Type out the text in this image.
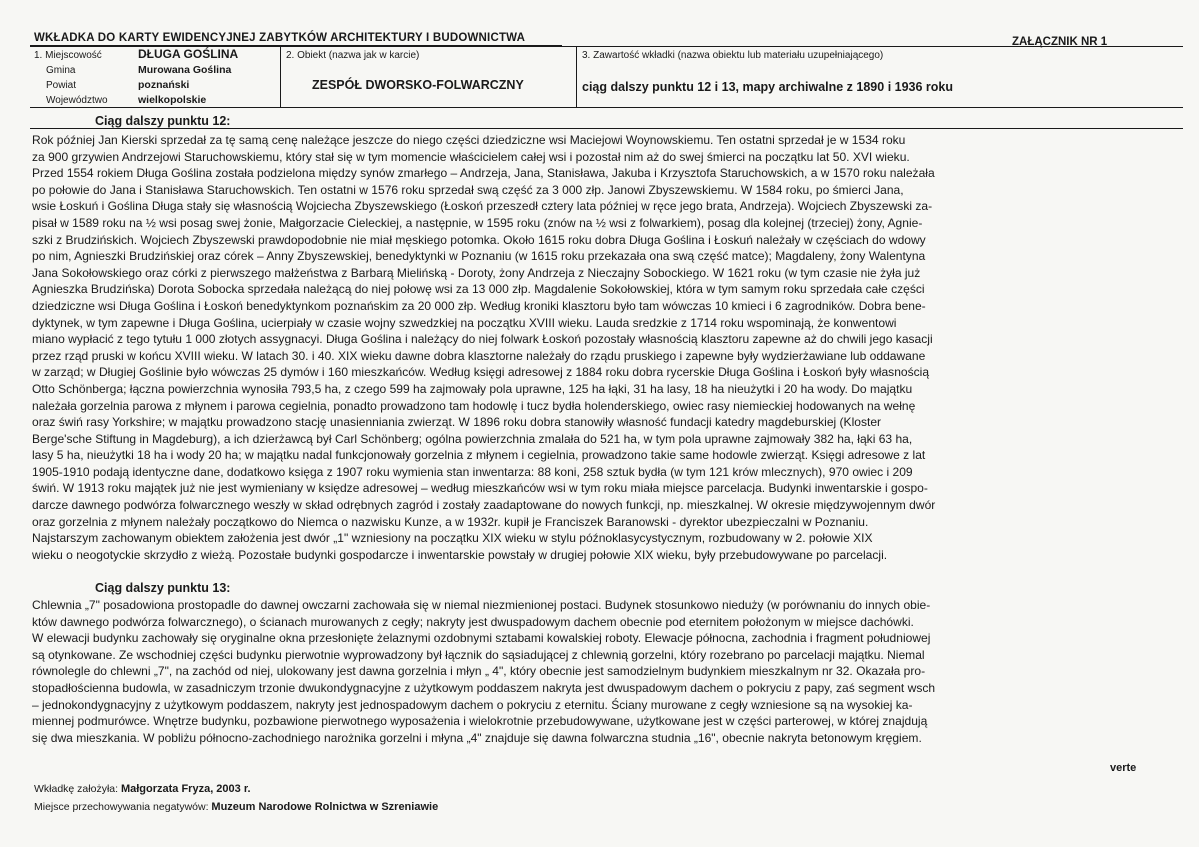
WKŁADKA DO KARTY EWIDENCYJNEJ ZABYTKÓW ARCHITEKTURY I BUDOWNICTWA	ZAŁĄCZNIK NR 1
1. Miejscowość	DŁUGA GOŚLINA
Gmina	Murowana Goślina
Powiat	poznański
Województwo	wielkopolskie
2. Obiekt (nazwa jak w karcie)
ZESPÓŁ DWORSKO-FOLWARCZNY
3. Zawartość wkładki (nazwa obiektu lub materiału uzupełniającego)
ciąg dalszy punktu 12 i 13, mapy archiwalne z 1890 i 1936 roku
Ciąg dalszy punktu 12:
Rok później Jan Kierski sprzedał za tę samą cenę należące jeszcze do niego części dziedziczne wsi Maciejowi Woynowskiemu. Ten ostatni sprzedał je w 1534 roku
za 900 grzywien Andrzejowi Staruchowskiemu, który stał się w tym momencie właścicielem całej wsi i pozostał nim aż do swej śmierci na początku lat 50. XVI wieku.
Przed 1554 rokiem Długa Goślina została podzielona między synów zmarłego – Andrzeja, Jana, Stanisława, Jakuba i Krzysztofa Staruchowskich, a w 1570 roku należała
po połowie do Jana i Stanisława Staruchowskich. Ten ostatni w 1576 roku sprzedał swą część za 3 000 złp. Janowi Zbyszewskiemu. W 1584 roku, po śmierci Jana,
wsie Łoskuń i Goślina Długa stały się własnością Wojciecha Zbyszewskiego (Łoskoń przeszedł cztery lata później w ręce jego brata, Andrzeja). Wojciech Zbyszewski za-
pisał w 1589 roku na ½ wsi posag swej żonie, Małgorzacie Cieleckiej, a następnie, w 1595 roku (znów na ½ wsi z folwarkiem), posag dla kolejnej (trzeciej) żony, Agnie-
szki z Brudzińskich. Wojciech Zbyszewski prawdopodobnie nie miał męskiego potomka. Około 1615 roku dobra Długa Goślina i Łoskuń należały w częściach do wdowy
po nim, Agnieszki Brudzińskiej oraz córek – Anny Zbyszewskiej, benedyktynki w Poznaniu (w 1615 roku przekazała ona swą część matce); Magdaleny, żony Walentyna
Jana Sokołowskiego oraz córki z pierwszego małżeństwa z Barbarą Mielińską - Doroty, żony Andrzeja z Nieczajny Sobockiego. W 1621 roku (w tym czasie nie żyła już
Agnieszka Brudzińska) Dorota Sobocka sprzedała należącą do niej połowę wsi za 13 000 złp. Magdalenie Sokołowskiej, która w tym samym roku sprzedała całe części
dziedziczne wsi Długa Goślina i Łoskoń benedyktynkom poznańskim za 20 000 złp. Według kroniki klasztoru było tam wówczas 10 kmieci i 6 zagrodników. Dobra bene-
dyktynek, w tym zapewne i Długa Goślina, ucierpiały w czasie wojny szwedzkiej na początku XVIII wieku. Lauda sredzkie z 1714 roku wspominają, że konwentowi
miano wypłacić z tego tytułu 1 000 złotych assygnacyi. Długa Goślina i należący do niej folwark Łoskoń pozostały własnością klasztoru zapewne aż do chwili jego kasacji
przez rząd pruski w końcu XVIII wieku. W latach 30. i 40. XIX wieku dawne dobra klasztorne należały do rządu pruskiego i zapewne były wydzierżawiane lub oddawane
w zarząd; w Długiej Goślinie było wówczas 25 dymów i 160 mieszkańców. Według księgi adresowej z 1884 roku dobra rycerskie Długa Goślina i Łoskoń były własnością
Otto Schönberga; łączna powierzchnia wynosiła 793,5 ha, z czego 599 ha zajmowały pola uprawne, 125 ha łąki, 31 ha lasy, 18 ha nieużytki i 20 ha wody. Do majątku
należała gorzelnia parowa z młynem i parowa cegielnia, ponadto prowadzono tam hodowlę i tucz bydła holenderskiego, owiec rasy niemieckiej hodowanych na wełnę
oraz świń rasy Yorkshire; w majątku prowadzono stację unasienniania zwierząt. W 1896 roku dobra stanowiły własność fundacji katedry magdeburskiej (Kloster
Berge'sche Stiftung in Magdeburg), a ich dzierżawcą był Carl Schönberg; ogólna powierzchnia zmalała do 521 ha, w tym pola uprawne zajmowały 382 ha, łąki 63 ha,
lasy 5 ha, nieużytki 18 ha i wody 20 ha; w majątku nadal funkcjonowały gorzelnia z młynem i cegielnia, prowadzono takie same hodowle zwierząt. Księgi adresowe z lat
1905-1910 podają identyczne dane, dodatkowo księga z 1907 roku wymienia stan inwentarza: 88 koni, 258 sztuk bydła (w tym 121 krów mlecznych), 970 owiec i 209
świń. W 1913 roku majątek już nie jest wymieniany w księdze adresowej – według mieszkańców wsi w tym roku miała miejsce parcelacja. Budynki inwentarskie i gospo-
darcze dawnego podwórza folwarcznego weszły w skład odrębnych zagród i zostały zaadaptowane do nowych funkcji, np. mieszkalnej. W okresie międzywojennym dwór
oraz gorzelnia z młynem należały początkowo do Niemca o nazwisku Kunze, a w 1932r. kupił je Franciszek Baranowski - dyrektor ubezpieczalni w Poznaniu.
Najstarszym zachowanym obiektem założenia jest dwór „1" wzniesiony na początku XIX wieku w stylu późnoklasycystycznym, rozbudowany w 2. połowie XIX
wieku o neogotyckie skrzydło z wieżą. Pozostałe budynki gospodarcze i inwentarskie powstały w drugiej połowie XIX wieku, były przebudowywane po parcelacji.
Ciąg dalszy punktu 13:
Chlewnia „7" posadowiona prostopadle do dawnej owczarni zachowała się w niemal niezmienionej postaci. Budynek stosunkowo nieduży (w porównaniu do innych obie-
któw dawnego podwórza folwarcznego), o ścianach murowanych z cegły; nakryty jest dwuspadowym dachem obecnie pod eternitem położonym w miejsce dachówki.
W elewacji budynku zachowały się oryginalne okna przesłonięte żelaznymi ozdobnymi sztabami kowalskiej roboty. Elewacje północna, zachodnia i fragment południowej
są otynkowane. Ze wschodniej części budynku pierwotnie wyprowadzony był łącznik do sąsiadującej z chlewnią gorzelni, który rozebrano po parcelacji majątku. Niemal
równolegle do chlewni „7", na zachód od niej, ulokowany jest dawna gorzelnia i młyn „ 4", który obecnie jest samodzielnym budynkiem mieszkalnym nr 32. Okazała pro-
stopadłościenna budowla, w zasadniczym trzonie dwukondygnacyjne z użytkowym poddaszem nakryta jest dwuspadowym dachem o pokryciu z papy, zaś segment wsch
– jednokondygnacyjny z użytkowym poddaszem, nakryty jest jednospadowym dachem o pokryciu z eternitu. Ściany murowane z cegły wzniesione są na wysokiej ka-
miennej podmurówce. Wnętrze budynku, pozbawione pierwotnego wyposażenia i wielokrotnie przebudowywane, użytkowane jest w części parterowej, w której znajdują
się dwa mieszkania. W pobliżu północno-zachodniego narożnika gorzelni i młyna „4" znajduje się dawna folwarczna studnia „16", obecnie nakryta betonowym kręgiem.
verte
Wkładkę założyła: Małgorzata Fryza, 2003 r.
Miejsce przechowywania negatywów: Muzeum Narodowe Rolnictwa w Szreniawie
